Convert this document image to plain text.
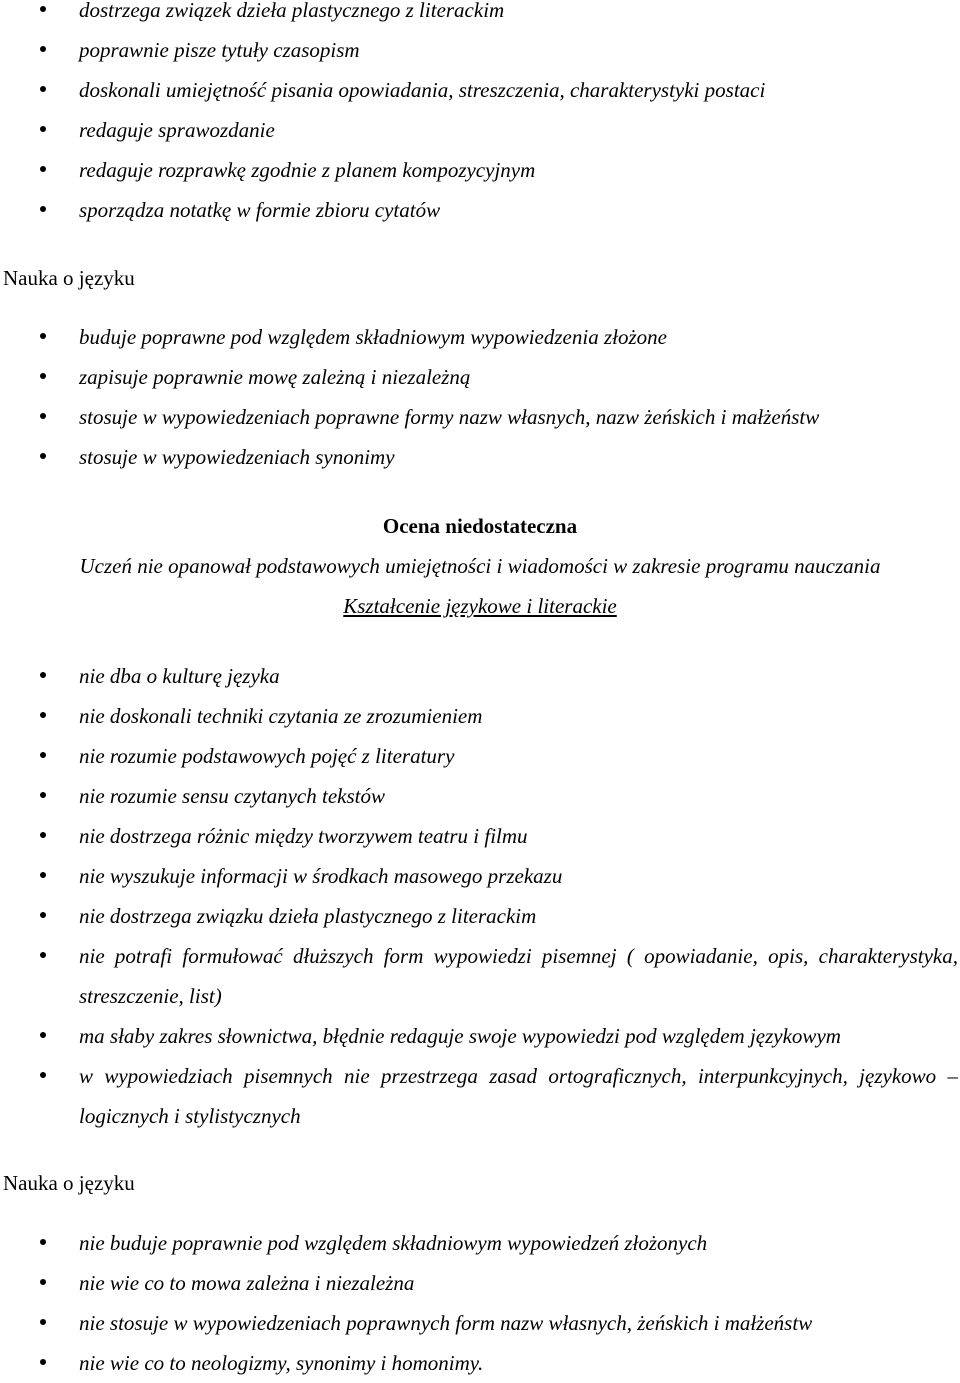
dostrzega związek dzieła plastycznego z literackim
poprawnie pisze tytuły czasopism
doskonali umiejętność pisania opowiadania, streszczenia, charakterystyki postaci
redaguje sprawozdanie
redaguje rozprawkę zgodnie z planem kompozycyjnym
sporządza notatkę w formie zbioru cytatów
Nauka o języku
buduje poprawne pod względem składniowym wypowiedzenia złożone
zapisuje poprawnie mowę zależną i niezależną
stosuje w wypowiedzeniach poprawne formy nazw własnych, nazw żeńskich i małżeństw
stosuje w wypowiedzeniach synonimy
Ocena niedostateczna
Uczeń nie opanował podstawowych umiejętności i wiadomości w zakresie programu nauczania
Kształcenie językowe i literackie
nie dba o kulturę języka
nie doskonali techniki czytania ze zrozumieniem
nie rozumie podstawowych pojęć z literatury
nie rozumie sensu czytanych tekstów
nie dostrzega różnic między tworzywem teatru i filmu
nie wyszukuje informacji w środkach masowego przekazu
nie dostrzega związku dzieła plastycznego z literackim
nie potrafi formułować dłuższych form wypowiedzi pisemnej ( opowiadanie, opis, charakterystyka, streszczenie, list)
ma słaby zakres słownictwa, błędnie redaguje swoje wypowiedzi pod względem językowym
w wypowiedziach pisemnych nie przestrzega zasad ortograficznych, interpunkcyjnych, językowo – logicznych i stylistycznych
Nauka o języku
nie buduje poprawnie pod względem składniowym wypowiedzeń złożonych
nie wie co to mowa zależna i niezależna
nie stosuje w wypowiedzeniach poprawnych form nazw własnych, żeńskich i małżeństw
nie wie co to neologizmy, synonimy i homonimy.
